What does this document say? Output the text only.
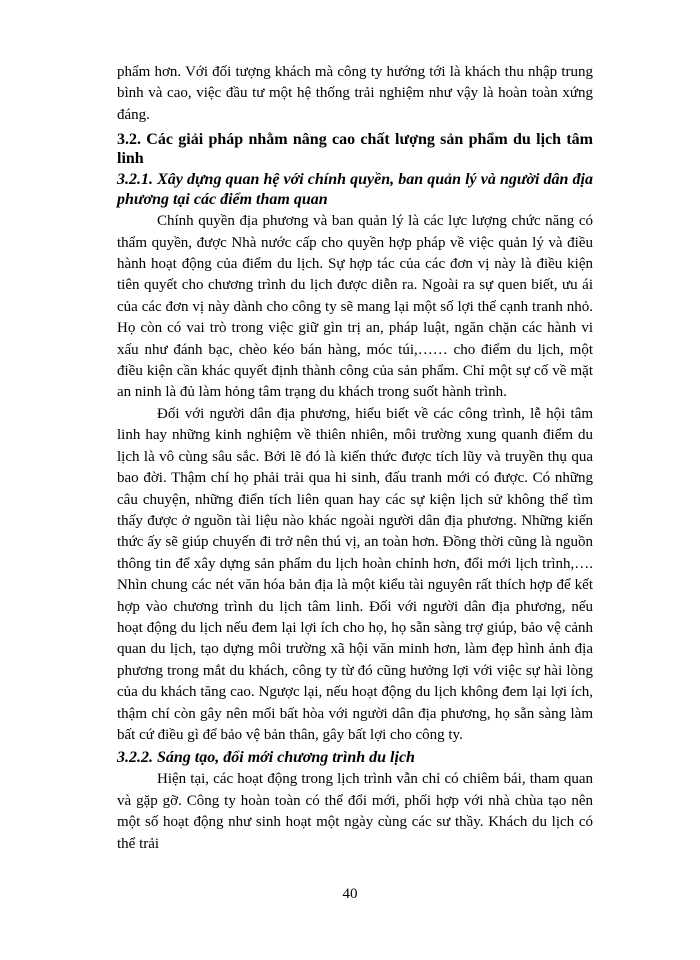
phẩm hơn. Với đối tượng khách mà công ty hướng tới là khách thu nhập trung bình và cao, việc đầu tư một hệ thống trải nghiệm như vậy là hoàn toàn xứng đáng.

3.2. Các giải pháp nhằm nâng cao chất lượng sản phẩm du lịch tâm linh

3.2.1. Xây dựng quan hệ với chính quyền, ban quản lý và người dân địa phương tại các điểm tham quan

Chính quyền địa phương và ban quản lý là các lực lượng chức năng có thẩm quyền, được Nhà nước cấp cho quyền hợp pháp về việc quản lý và điều hành hoạt động của điểm du lịch. Sự hợp tác của các đơn vị này là điều kiện tiên quyết cho chương trình du lịch được diễn ra. Ngoài ra sự quen biết, ưu ái của các đơn vị này dành cho công ty sẽ mang lại một số lợi thế cạnh tranh nhỏ. Họ còn có vai trò trong việc giữ gìn trị an, pháp luật, ngăn chặn các hành vi xấu như đánh bạc, chèo kéo bán hàng, móc túi,…… cho điểm du lịch, một điều kiện cần khác quyết định thành công của sản phẩm. Chỉ một sự cố về mặt an ninh là đủ làm hỏng tâm trạng du khách trong suốt hành trình.

Đối với người dân địa phương, hiểu biết về các công trình, lễ hội tâm linh hay những kinh nghiệm về thiên nhiên, môi trường xung quanh điểm du lịch là vô cùng sâu sắc. Bởi lẽ đó là kiến thức được tích lũy và truyền thụ qua bao đời. Thậm chí họ phải trải qua hi sinh, đấu tranh mới có được. Có những câu chuyện, những điển tích liên quan hay các sự kiện lịch sử không thể tìm thấy được ở nguồn tài liệu nào khác ngoài người dân địa phương. Những kiến thức ấy sẽ giúp chuyến đi trở nên thú vị, an toàn hơn. Đồng thời cũng là nguồn thông tin để xây dựng sản phẩm du lịch hoàn chỉnh hơn, đổi mới lịch trình,…. Nhìn chung các nét văn hóa bản địa là một kiểu tài nguyên rất thích hợp để kết hợp vào chương trình du lịch tâm linh. Đối với người dân địa phương, nếu hoạt động du lịch nếu đem lại lợi ích cho họ, họ sẵn sàng trợ giúp, bảo vệ cảnh quan du lịch, tạo dựng môi trường xã hội văn minh hơn, làm đẹp hình ảnh địa phương trong mắt du khách, công ty từ đó cũng hưởng lợi với việc sự hài lòng của du khách tăng cao. Ngược lại, nếu hoạt động du lịch không đem lại lợi ích, thậm chí còn gây nên mối bất hòa với người dân địa phương, họ sẵn sàng làm bất cứ điều gì để bảo vệ bản thân, gây bất lợi cho công ty.

3.2.2. Sáng tạo, đổi mới chương trình du lịch

Hiện tại, các hoạt động trong lịch trình vẫn chỉ có chiêm bái, tham quan và gặp gỡ. Công ty hoàn toàn có thể đổi mới, phối hợp với nhà chùa tạo nên một số hoạt động như sinh hoạt một ngày cùng các sư thầy. Khách du lịch có thể trải

40
